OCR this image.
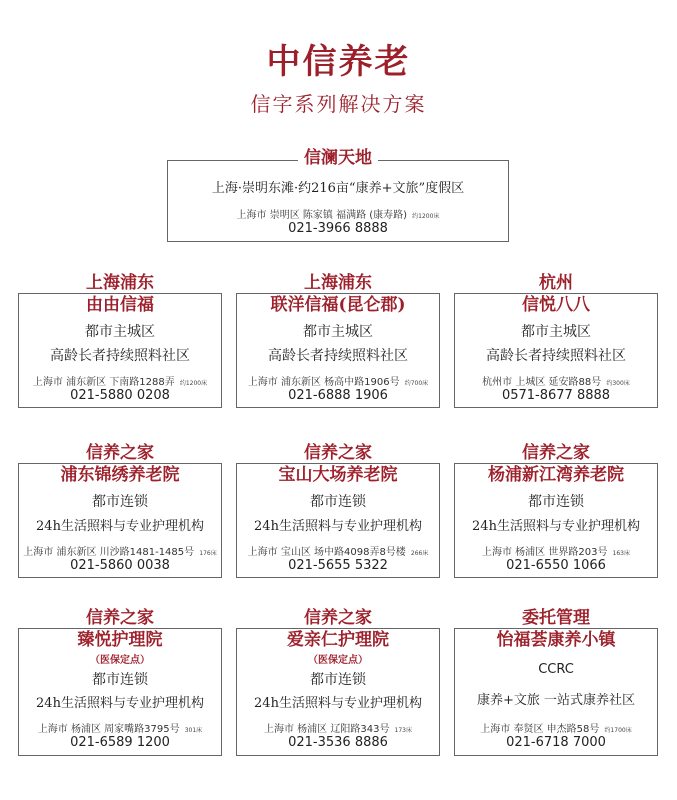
中信养老
信字系列解决方案
信澜天地
上海·崇明东滩·约216亩“康养+文旅”度假区
上海市 崇明区 陈家镇 福满路 (康寿路) 约1200床
021-3966 8888
上海浦东
由由信福
都市主城区
高龄长者持续照料社区
上海市 浦东新区 下南路1288弄 约1200床
021-5880 0208
上海浦东
联洋信福(昆仑郡)
都市主城区
高龄长者持续照料社区
上海市 浦东新区 杨高中路1906号 约700床
021-6888 1906
杭州
信悦八八
都市主城区
高龄长者持续照料社区
杭州市 上城区 延安路88号 约300床
0571-8677 8888
信养之家
浦东锦绣养老院
都市连锁
24h生活照料与专业护理机构
上海市 浦东新区 川沙路1481-1485号 176床
021-5860 0038
信养之家
宝山大场养老院
都市连锁
24h生活照料与专业护理机构
上海市 宝山区 场中路4098弄8号楼 266床
021-5655 5322
信养之家
杨浦新江湾养老院
都市连锁
24h生活照料与专业护理机构
上海市 杨浦区 世界路203号 163床
021-6550 1066
信养之家
臻悦护理院
（医保定点）
都市连锁
24h生活照料与专业护理机构
上海市 杨浦区 周家嘴路3795号 301床
021-6589 1200
信养之家
爱亲仁护理院
（医保定点）
都市连锁
24h生活照料与专业护理机构
上海市 杨浦区 辽阳路343号 173床
021-3536 8886
委托管理
怡福荟康养小镇
CCRC
康养+文旅 一站式康养社区
上海市 奉贤区 申杰路58号 约1700床
021-6718 7000
